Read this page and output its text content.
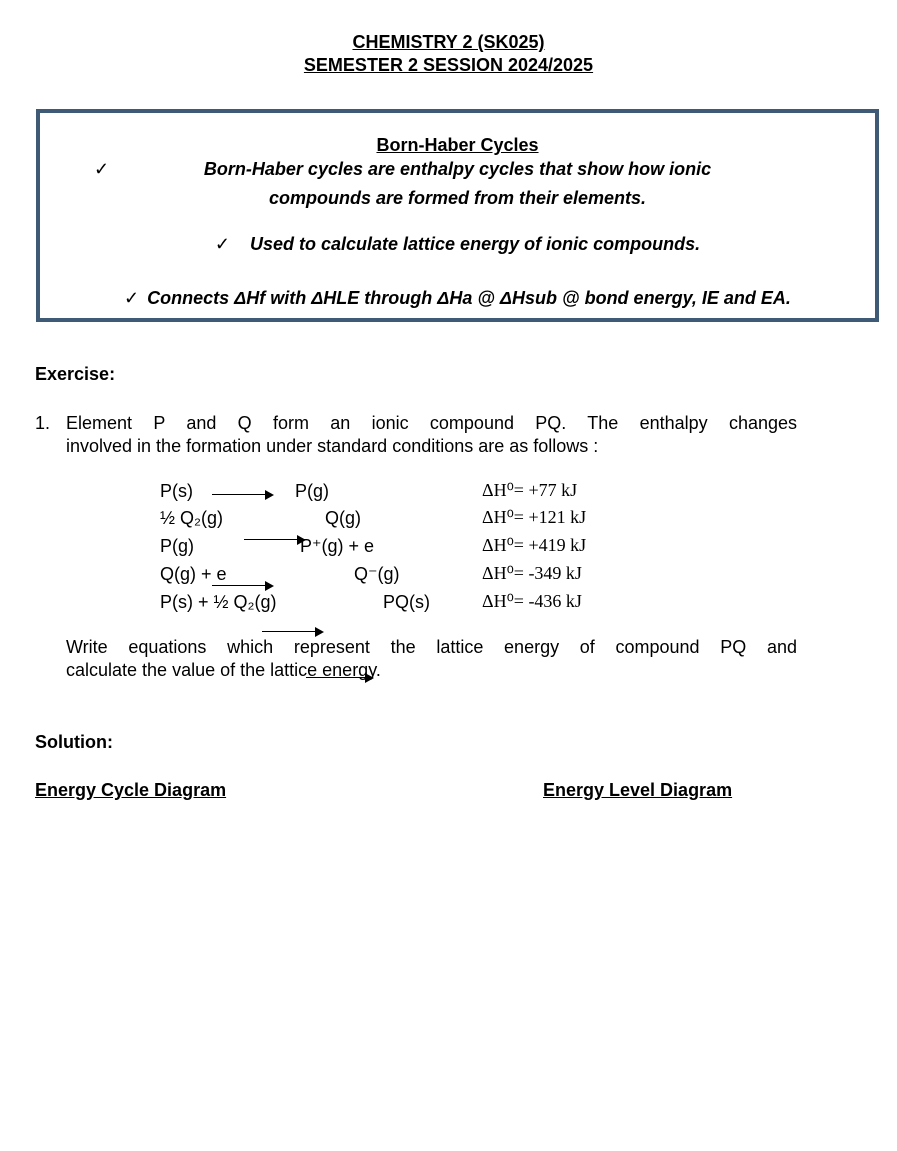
CHEMISTRY 2 (SK025)
SEMESTER 2 SESSION 2024/2025
Born-Haber Cycles
✓	Born-Haber cycles are enthalpy cycles that show how ionic
compounds are formed from their elements.
✓ Used to calculate lattice energy of ionic compounds.
✓ Connects ΔHf with ΔHLE through ΔHa @ ΔHsub @ bond energy, IE and EA.
Exercise:
1. Element P and Q form an ionic compound PQ. The enthalpy changes
involved in the formation under standard conditions are as follows :
P(s)	P(g)	ΔH⁰= +77 kJ
½ Q₂(g)	Q(g)	ΔH⁰= +121 kJ
P(g)	P⁺(g) + e	ΔH⁰= +419 kJ
Q(g) + e	Q⁻(g)	ΔH⁰= -349 kJ
P(s) + ½ Q₂(g)	PQ(s)	ΔH⁰= -436 kJ
Write equations which represent the lattice energy of compound PQ and
calculate the value of the lattice energy.
Solution:
Energy Cycle Diagram	Energy Level Diagram
